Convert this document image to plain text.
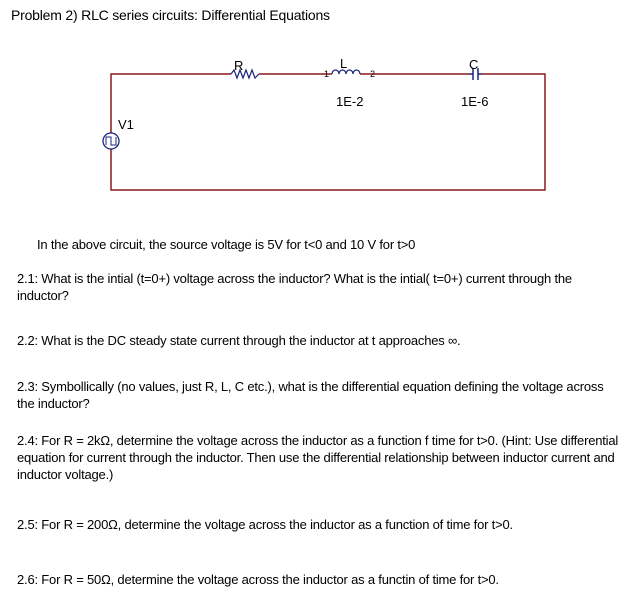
Problem 2) RLC series circuits: Differential Equations
R	L
1	2
1E-2
C
1E-6
V1
In the above circuit, the source voltage is 5V for t<0 and 10 V for t>0
2.1: What is the intial (t=0+) voltage across the inductor? What is the intial( t=0+) current through the inductor?
2.2: What is the DC steady state current through the inductor at t approaches ∞.
2.3: Symbollically (no values, just R, L, C etc.), what is the differential equation defining the voltage across the inductor?
2.4: For R = 2kΩ, determine the voltage across the inductor as a function f time for t>0. (Hint: Use differential equation for current through the inductor. Then use the differential relationship between inductor current and inductor voltage.)
2.5: For R = 200Ω, determine the voltage across the inductor as a function of time for t>0.
2.6: For R = 50Ω, determine the voltage across the inductor as a functin of time for t>0.
